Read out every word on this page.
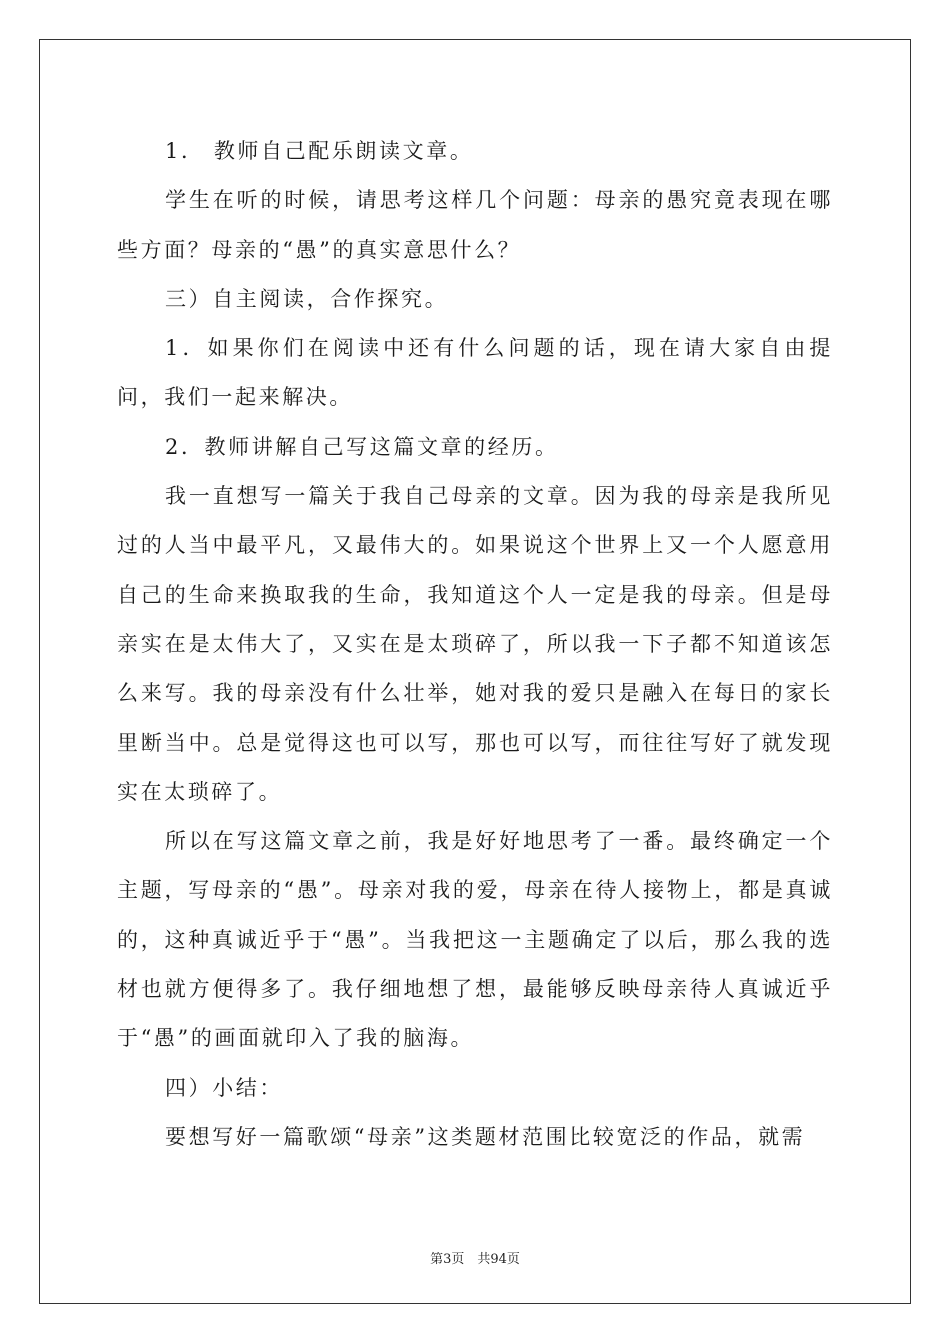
1． 教师自己配乐朗读文章。

学生在听的时候，请思考这样几个问题：母亲的愚究竟表现在哪些方面？母亲的“愚”的真实意思什么？

三）自主阅读，合作探究。

1．如果你们在阅读中还有什么问题的话，现在请大家自由提问，我们一起来解决。

2．教师讲解自己写这篇文章的经历。

我一直想写一篇关于我自己母亲的文章。因为我的母亲是我所见过的人当中最平凡，又最伟大的。如果说这个世界上又一个人愿意用自己的生命来换取我的生命，我知道这个人一定是我的母亲。但是母亲实在是太伟大了，又实在是太琐碎了，所以我一下子都不知道该怎么来写。我的母亲没有什么壮举，她对我的爱只是融入在每日的家长里断当中。总是觉得这也可以写，那也可以写，而往往写好了就发现实在太琐碎了。

所以在写这篇文章之前，我是好好地思考了一番。最终确定一个主题，写母亲的“愚”。母亲对我的爱，母亲在待人接物上，都是真诚的，这种真诚近乎于“愚”。当我把这一主题确定了以后，那么我的选材也就方便得多了。我仔细地想了想，最能够反映母亲待人真诚近乎于“愚”的画面就印入了我的脑海。

四）小结：

要想写好一篇歌颂“母亲”这类题材范围比较宽泛的作品，就需

第3页　共94页
